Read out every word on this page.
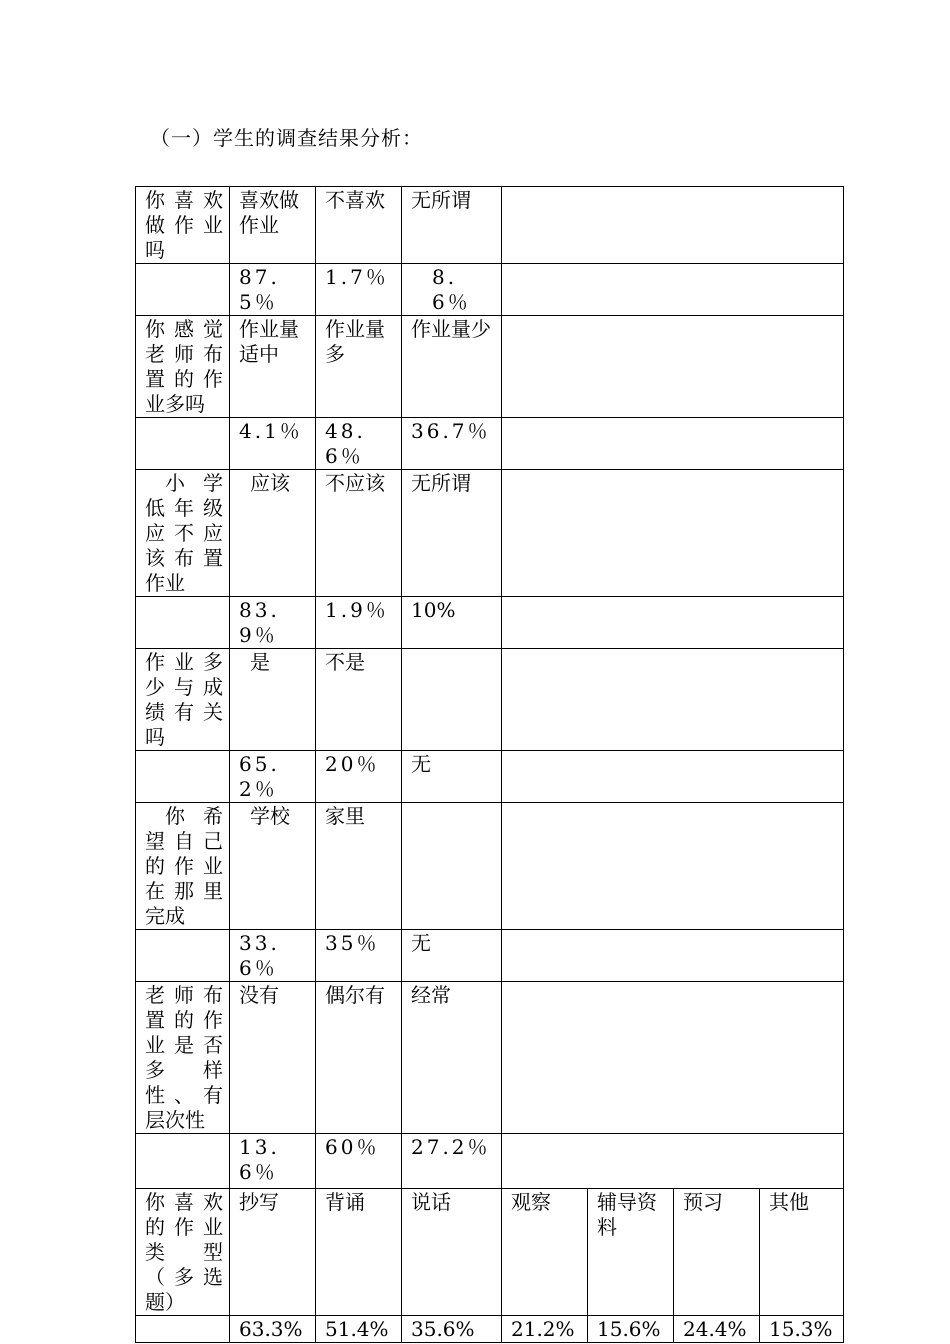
（一）学生的调查结果分析：
你喜欢做作业吗	喜欢做作业	不喜欢	无所谓				
	87.5％	1.7％	8.6％				
你感觉老师布置的作业多吗	作业量适中	作业量多	作业量少				
	4.1％	48.6％	36.7％				
小学低年级应不应该布置作业	应该	不应该	无所谓				
	83.9％	1.9％	10%				
作业多少与成绩有关吗	是	不是					
	65.2％	20％	无				
你希望自己的作业在那里完成	学校	家里					
	33.6％	35％	无				
老师布置的作业是否多样性、有层次性	没有	偶尔有	经常				
	13.6％	60％	27.2％				
你喜欢的作业类型（多选题）	抄写	背诵	说话	观察	辅导资料	预习	其他
	63.3%	51.4%	35.6%	21.2%	15.6%	24.4%	15.3%
